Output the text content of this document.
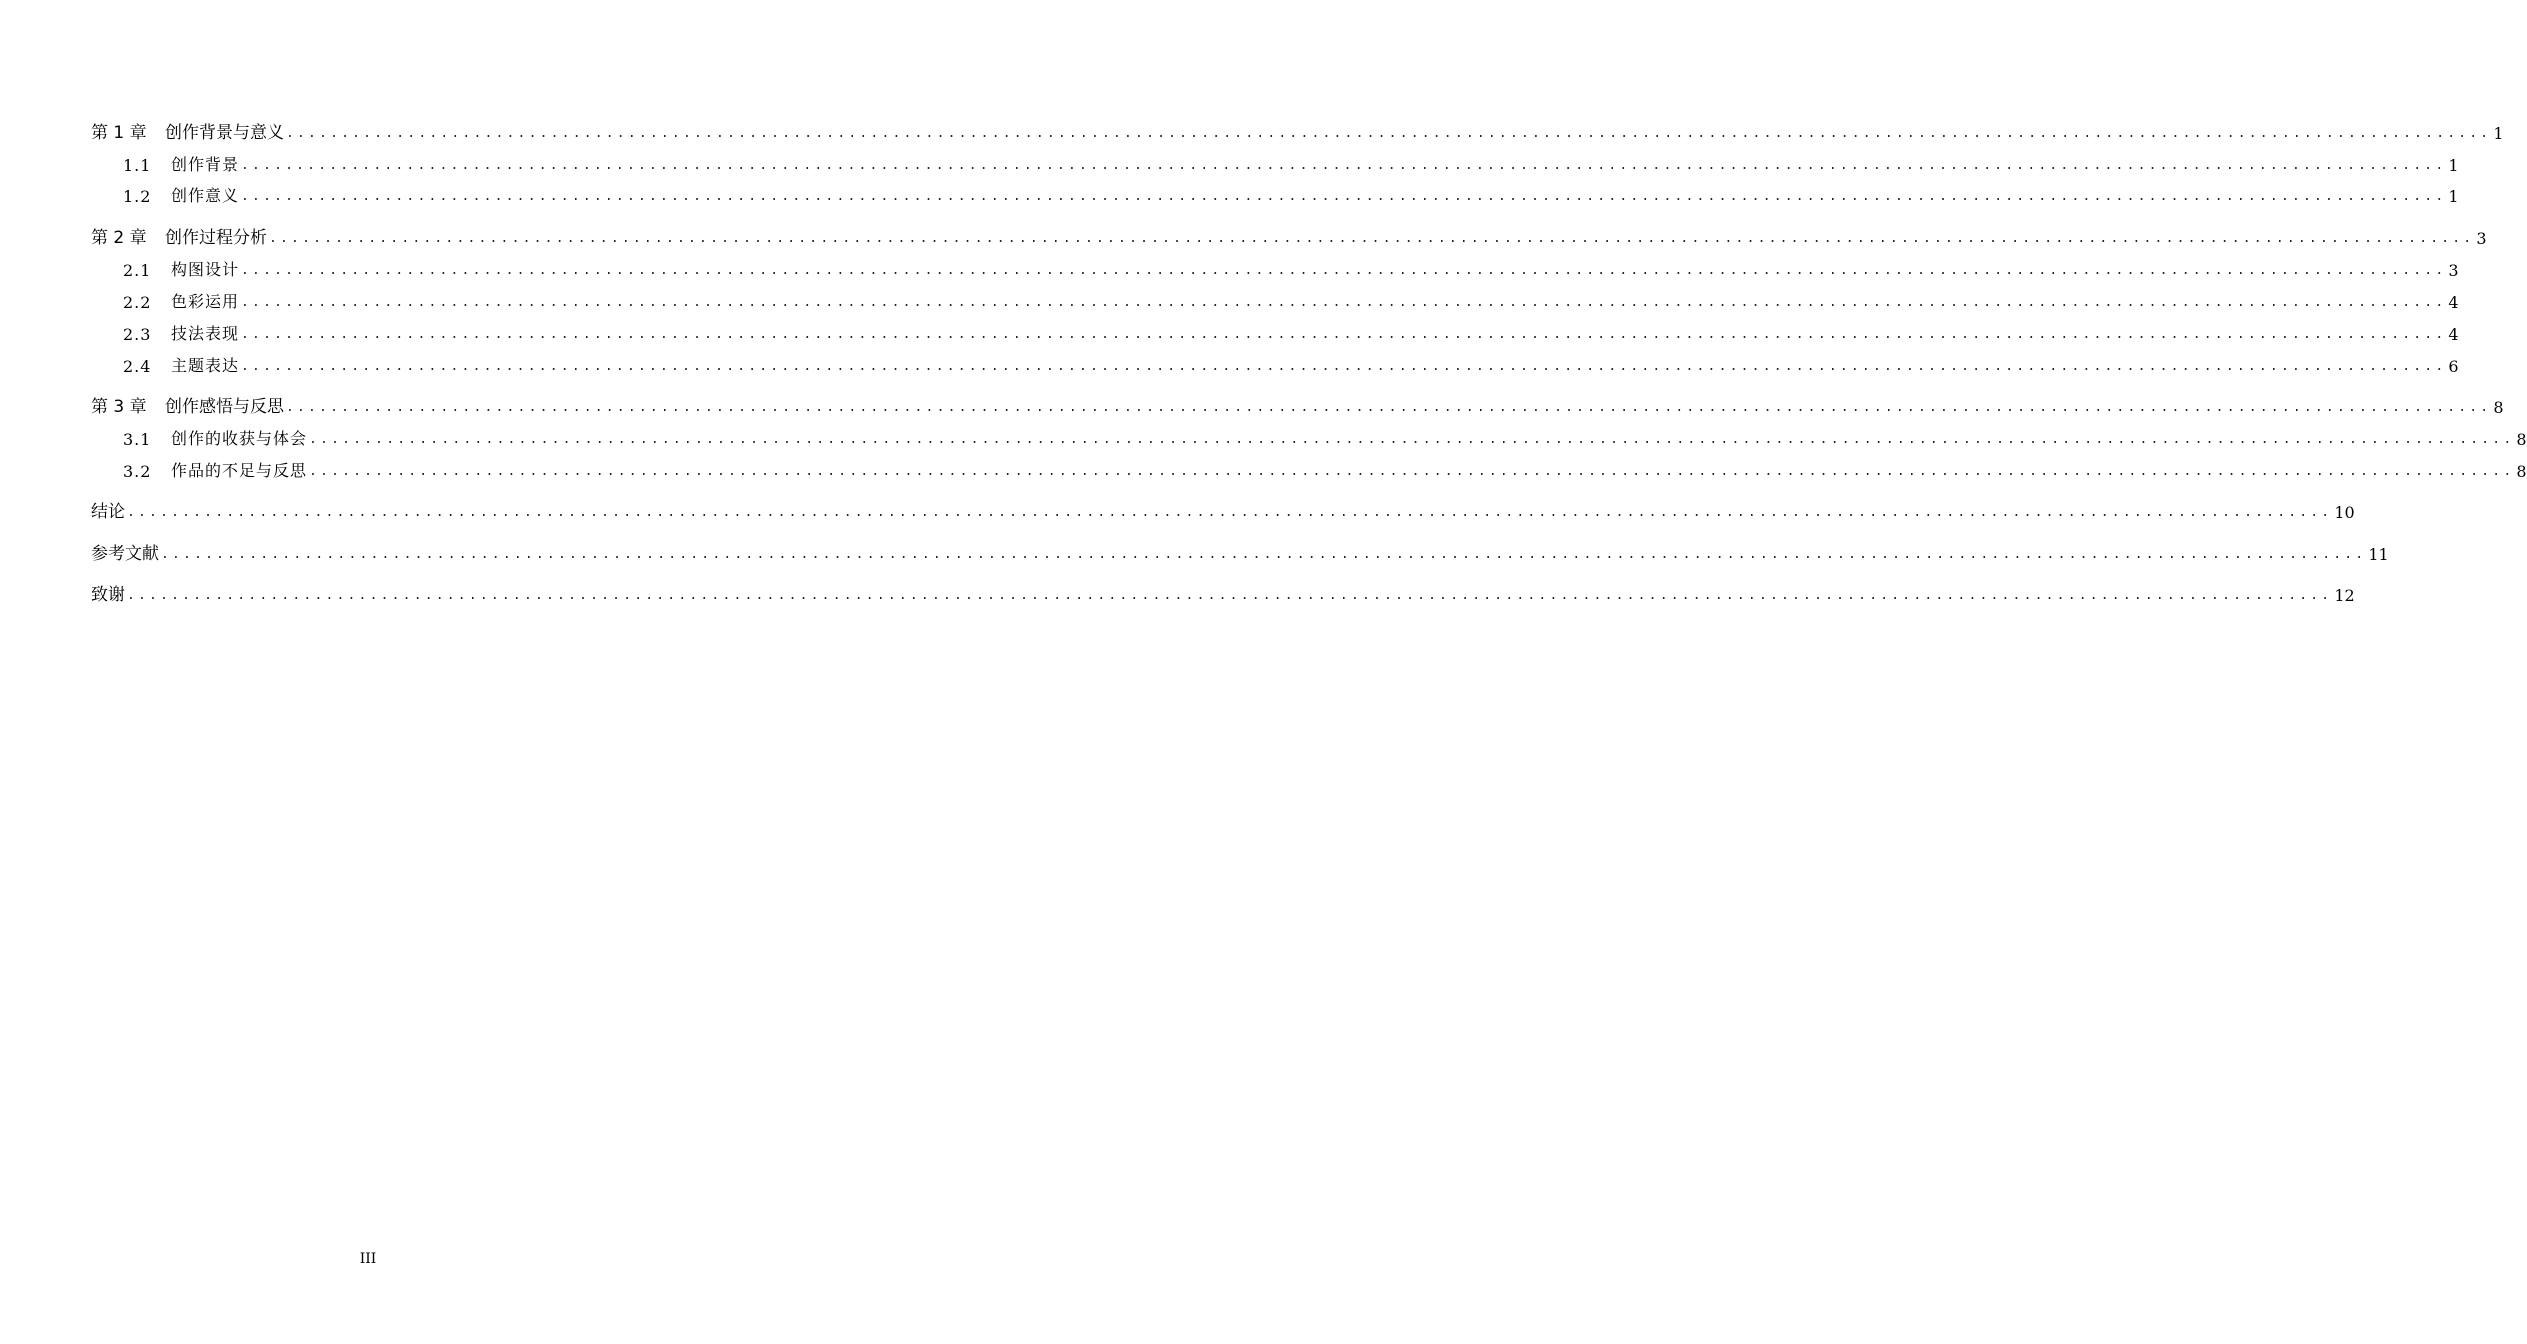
第 1 章	创作背景与意义 ........................................................................................................................................................................................................ 1
1.1	创作背景 ........................................................................................................................................................................................................ 1
1.2	创作意义 ........................................................................................................................................................................................................ 1
第 2 章	创作过程分析 ........................................................................................................................................................................................................ 3
2.1	构图设计 ........................................................................................................................................................................................................ 3
2.2	色彩运用 ........................................................................................................................................................................................................ 4
2.3	技法表现 ........................................................................................................................................................................................................ 4
2.4	主题表达 ........................................................................................................................................................................................................ 6
第 3 章	创作感悟与反思 ........................................................................................................................................................................................................ 8
3.1	创作的收获与体会 ........................................................................................................................................................................................................ 8
3.2	作品的不足与反思 ........................................................................................................................................................................................................ 8
结论 ........................................................................................................................................................................................................ 10
参考文献 ........................................................................................................................................................................................................ 11
致谢 ........................................................................................................................................................................................................ 12
III
